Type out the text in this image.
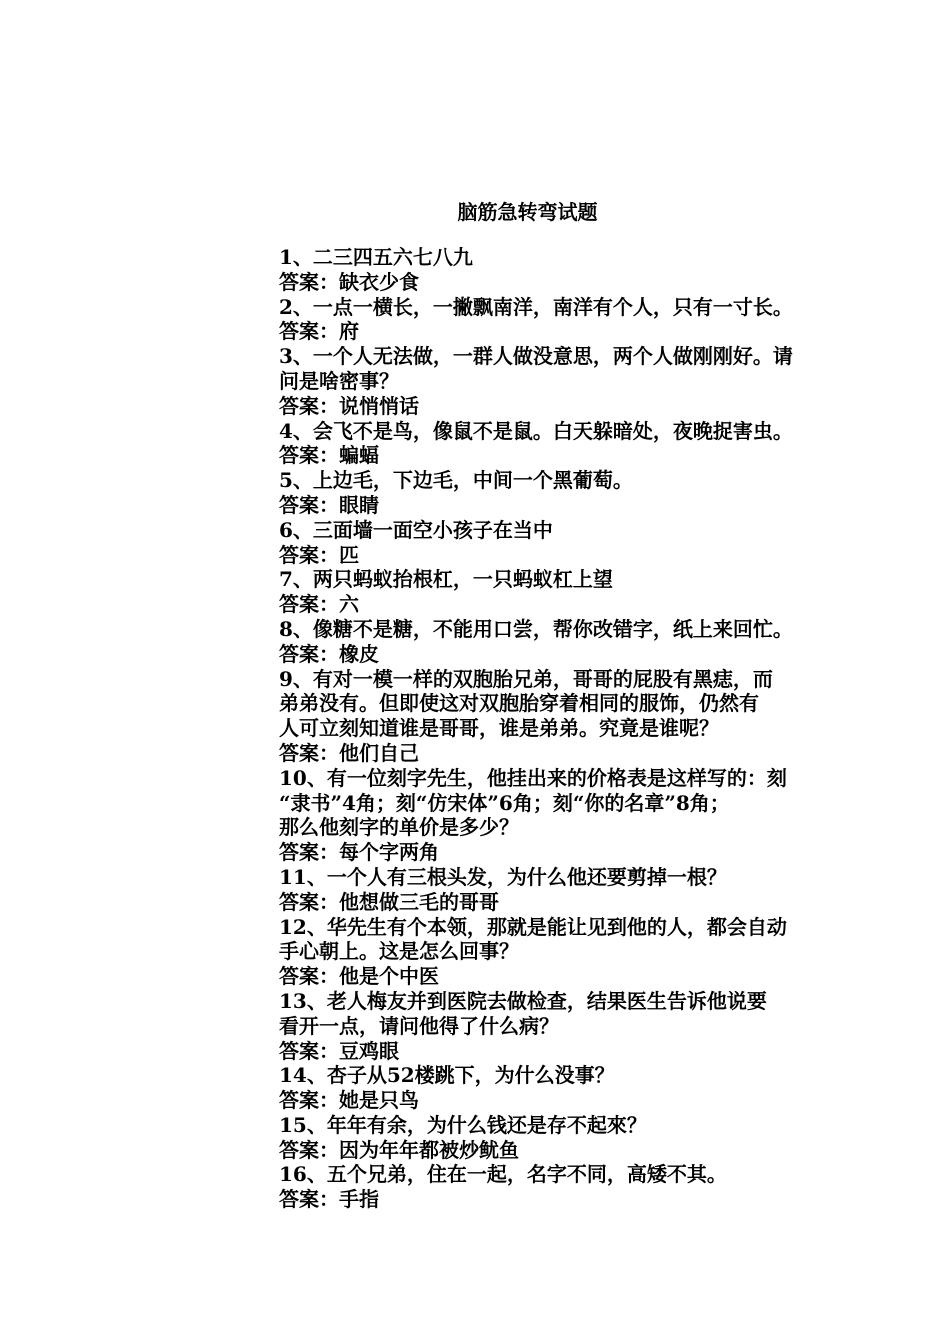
脑筋急转弯试题
1、二三四五六七八九
答案：缺衣少食
2、一点一横长，一撇飘南洋，南洋有个人，只有一寸长。
答案：府
3、一个人无法做，一群人做没意思，两个人做刚刚好。请
问是啥密事？
答案：说悄悄话
4、会飞不是鸟，像鼠不是鼠。白天躲暗处，夜晚捉害虫。
答案：蝙蝠
5、上边毛，下边毛，中间一个黑葡萄。
答案：眼睛
6、三面墙一面空小孩子在当中
答案：匹
7、两只蚂蚁抬根杠，一只蚂蚁杠上望
答案：六
8、像糖不是糖，不能用口尝，帮你改错字，纸上来回忙。
答案：橡皮
9、有对一模一样的双胞胎兄弟，哥哥的屁股有黑痣，而
弟弟没有。但即使这对双胞胎穿着相同的服饰，仍然有
人可立刻知道谁是哥哥，谁是弟弟。究竟是谁呢？
答案：他们自己
10、有一位刻字先生，他挂出来的价格表是这样写的：刻
“隶书”4角；刻“仿宋体”6角；刻“你的名章”8角；
那么他刻字的单价是多少？
答案：每个字两角
11、一个人有三根头发，为什么他还要剪掉一根？
答案：他想做三毛的哥哥
12、华先生有个本领，那就是能让见到他的人，都会自动
手心朝上。这是怎么回事？
答案：他是个中医
13、老人梅友并到医院去做检查，结果医生告诉他说要
看开一点，请问他得了什么病？
答案：豆鸡眼
14、杏子从52楼跳下，为什么没事？
答案：她是只鸟
15、年年有余，为什么钱还是存不起來？
答案：因为年年都被炒鱿鱼
16、五个兄弟，住在一起，名字不同，高矮不其。
答案：手指
